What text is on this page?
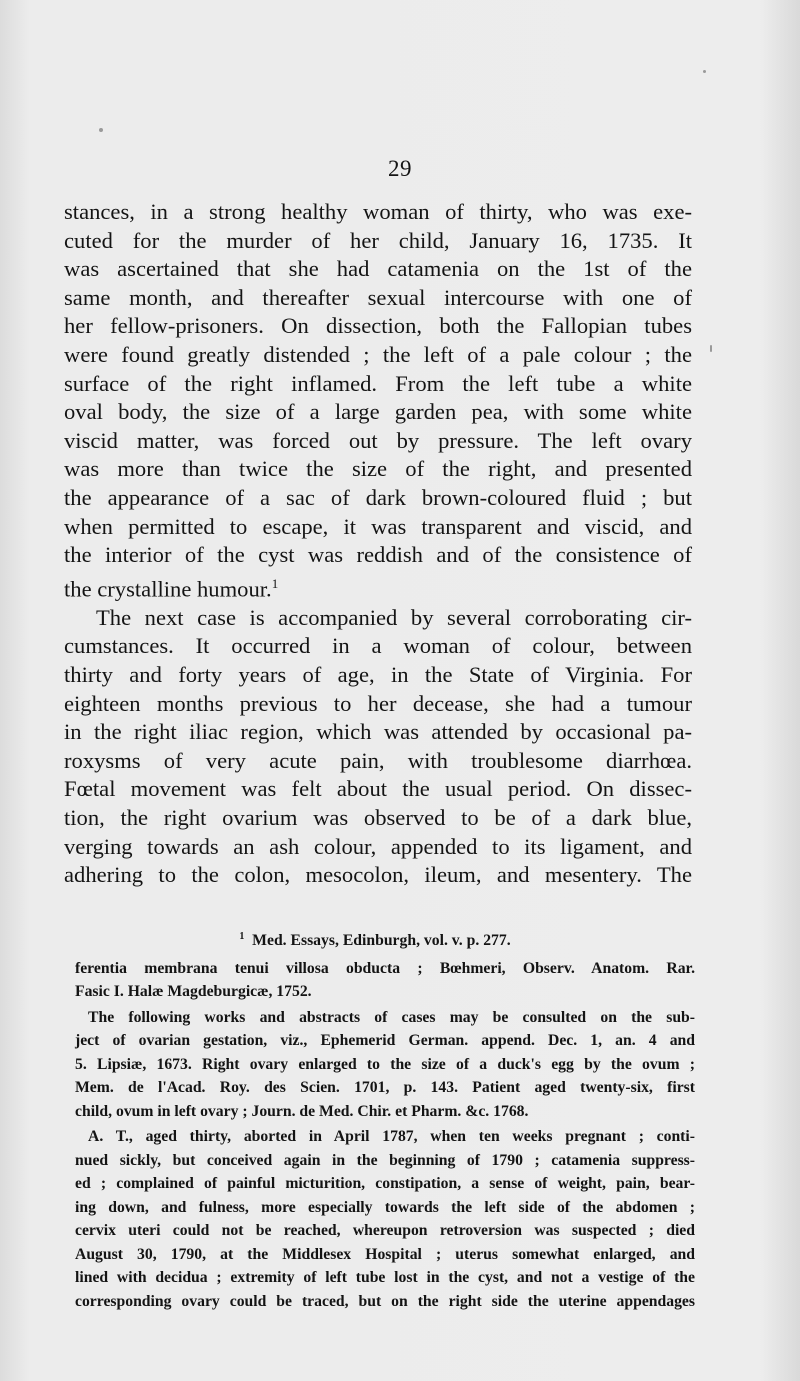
29
stances, in a strong healthy woman of thirty, who was exe-
cuted for the murder of her child, January 16, 1735. It
was ascertained that she had catamenia on the 1st of the
same month, and thereafter sexual intercourse with one of
her fellow-prisoners. On dissection, both the Fallopian tubes
were found greatly distended ; the left of a pale colour ; the
surface of the right inflamed. From the left tube a white
oval body, the size of a large garden pea, with some white
viscid matter, was forced out by pressure. The left ovary
was more than twice the size of the right, and presented
the appearance of a sac of dark brown-coloured fluid ; but
when permitted to escape, it was transparent and viscid, and
the interior of the cyst was reddish and of the consistence of
the crystalline humour.$^1$
The next case is accompanied by several corroborating cir-
cumstances. It occurred in a woman of colour, between
thirty and forty years of age, in the State of Virginia. For
eighteen months previous to her decease, she had a tumour
in the right iliac region, which was attended by occasional pa-
roxysms of very acute pain, with troublesome diarrhœa.
Fœtal movement was felt about the usual period. On dissec-
tion, the right ovarium was observed to be of a dark blue,
verging towards an ash colour, appended to its ligament, and
adhering to the colon, mesocolon, ileum, and mesentery. The
$^1$ Med. Essays, Edinburgh, vol. v. p. 277.
ferentia membrana tenui villosa obducta ; Bœhmeri, Observ. Anatom. Rar.
Fasic I. Halæ Magdeburgicæ, 1752.
The following works and abstracts of cases may be consulted on the sub-
ject of ovarian gestation, viz., Ephemerid German. append. Dec. 1, an. 4 and
5. Lipsiæ, 1673. Right ovary enlarged to the size of a duck's egg by the ovum ;
Mem. de l'Acad. Roy. des Scien. 1701, p. 143. Patient aged twenty-six, first
child, ovum in left ovary ; Journ. de Med. Chir. et Pharm. &c. 1768.
A. T., aged thirty, aborted in April 1787, when ten weeks pregnant ; conti-
nued sickly, but conceived again in the beginning of 1790 ; catamenia suppress-
ed ; complained of painful micturition, constipation, a sense of weight, pain, bear-
ing down, and fulness, more especially towards the left side of the abdomen ;
cervix uteri could not be reached, whereupon retroversion was suspected ; died
August 30, 1790, at the Middlesex Hospital ; uterus somewhat enlarged, and
lined with decidua ; extremity of left tube lost in the cyst, and not a vestige of the
corresponding ovary could be traced, but on the right side the uterine appendages
